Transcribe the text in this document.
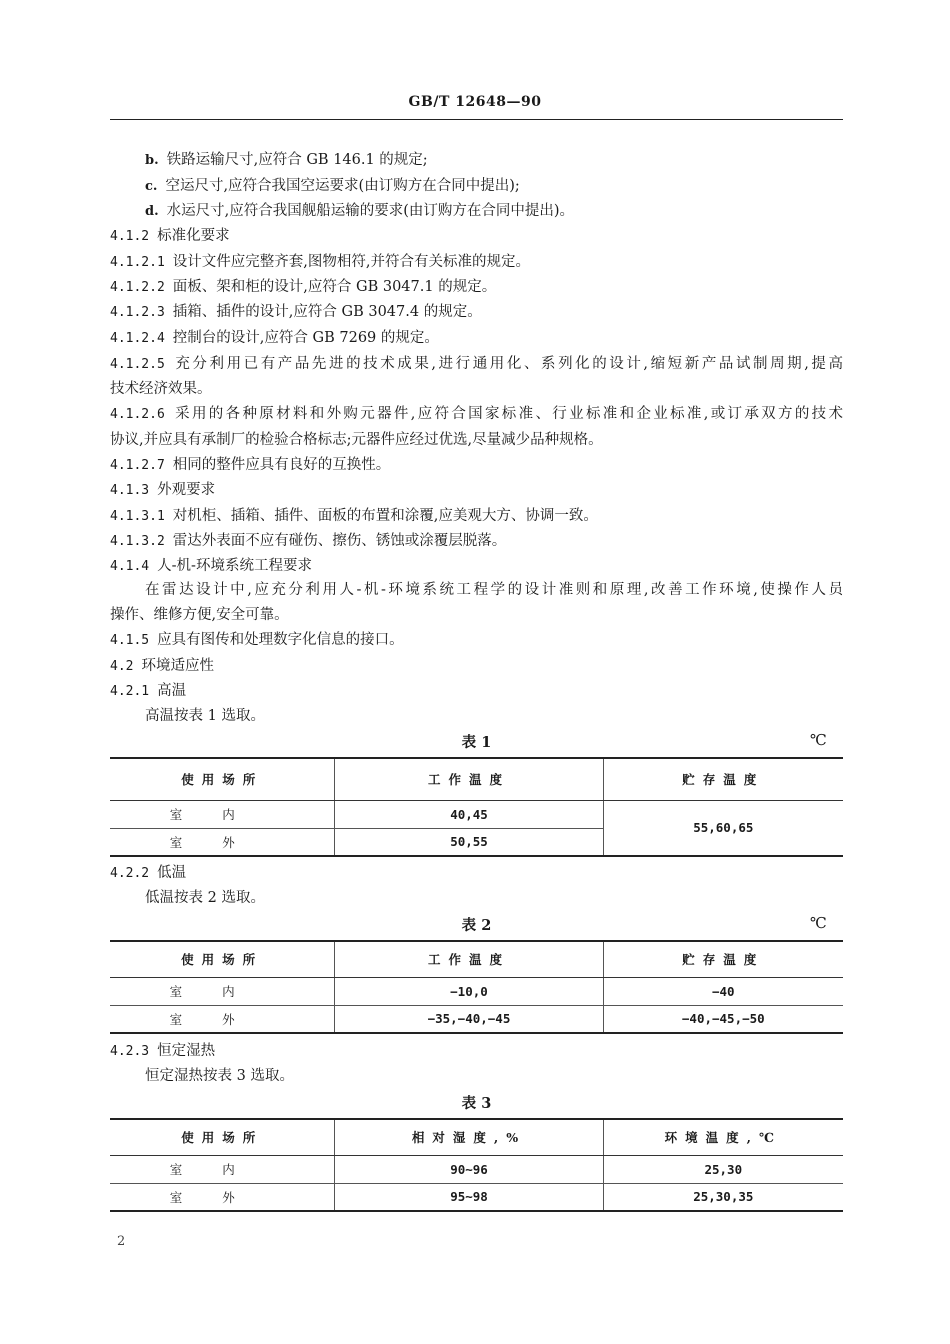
GB/T 12648—90
b. 铁路运输尺寸,应符合 GB 146.1 的规定;
c. 空运尺寸,应符合我国空运要求(由订购方在合同中提出);
d. 水运尺寸,应符合我国舰船运输的要求(由订购方在合同中提出)。
4.1.2 标准化要求
4.1.2.1 设计文件应完整齐套,图物相符,并符合有关标准的规定。
4.1.2.2 面板、架和柜的设计,应符合 GB 3047.1 的规定。
4.1.2.3 插箱、插件的设计,应符合 GB 3047.4 的规定。
4.1.2.4 控制台的设计,应符合 GB 7269 的规定。
4.1.2.5 充分利用已有产品先进的技术成果,进行通用化、系列化的设计,缩短新产品试制周期,提高
技术经济效果。
4.1.2.6 采用的各种原材料和外购元器件,应符合国家标准、行业标准和企业标准,或订承双方的技术
协议,并应具有承制厂的检验合格标志;元器件应经过优选,尽量减少品种规格。
4.1.2.7 相同的整件应具有良好的互换性。
4.1.3 外观要求
4.1.3.1 对机柜、插箱、插件、面板的布置和涂覆,应美观大方、协调一致。
4.1.3.2 雷达外表面不应有碰伤、擦伤、锈蚀或涂覆层脱落。
4.1.4 人-机-环境系统工程要求
在雷达设计中,应充分利用人-机-环境系统工程学的设计准则和原理,改善工作环境,使操作人员
操作、维修方便,安全可靠。
4.1.5 应具有图传和处理数字化信息的接口。
4.2 环境适应性
4.2.1 高温
高温按表 1 选取。
表 1	℃
使用场所	工作温度	贮存温度
室内	40,45	55,60,65
室外	50,55	
4.2.2 低温
低温按表 2 选取。
表 2	℃
使用场所	工作温度	贮存温度
室内	−10,0	−40
室外	−35,−40,−45	−40,−45,−50
4.2.3 恒定湿热
恒定湿热按表 3 选取。
表 3
使用场所	相对湿度,%	环境温度,℃
室内	90~96	25,30
室外	95~98	25,30,35
2
